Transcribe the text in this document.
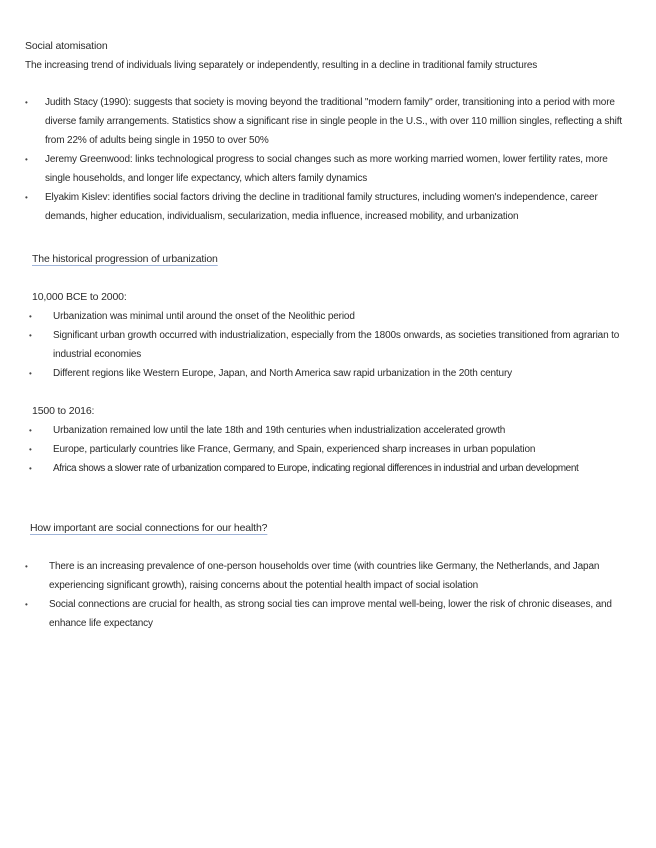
Social atomisation

The increasing trend of individuals living separately or independently, resulting in a decline in traditional family structures

• Judith Stacy (1990): suggests that society is moving beyond the traditional "modern family" order, transitioning into a period with more diverse family arrangements. Statistics show a significant rise in single people in the U.S., with over 110 million singles, reflecting a shift from 22% of adults being single in 1950 to over 50%
• Jeremy Greenwood: links technological progress to social changes such as more working married women, lower fertility rates, more single households, and longer life expectancy, which alters family dynamics
• Elyakim Kislev: identifies social factors driving the decline in traditional family structures, including women's independence, career demands, higher education, individualism, secularization, media influence, increased mobility, and urbanization

The historical progression of urbanization

10,000 BCE to 2000:

• Urbanization was minimal until around the onset of the Neolithic period
• Significant urban growth occurred with industrialization, especially from the 1800s onwards, as societies transitioned from agrarian to industrial economies
• Different regions like Western Europe, Japan, and North America saw rapid urbanization in the 20th century

1500 to 2016:

• Urbanization remained low until the late 18th and 19th centuries when industrialization accelerated growth
• Europe, particularly countries like France, Germany, and Spain, experienced sharp increases in urban population
• Africa shows a slower rate of urbanization compared to Europe, indicating regional differences in industrial and urban development

How important are social connections for our health?

• There is an increasing prevalence of one-person households over time (with countries like Germany, the Netherlands, and Japan experiencing significant growth), raising concerns about the potential health impact of social isolation
• Social connections are crucial for health, as strong social ties can improve mental well-being, lower the risk of chronic diseases, and enhance life expectancy
